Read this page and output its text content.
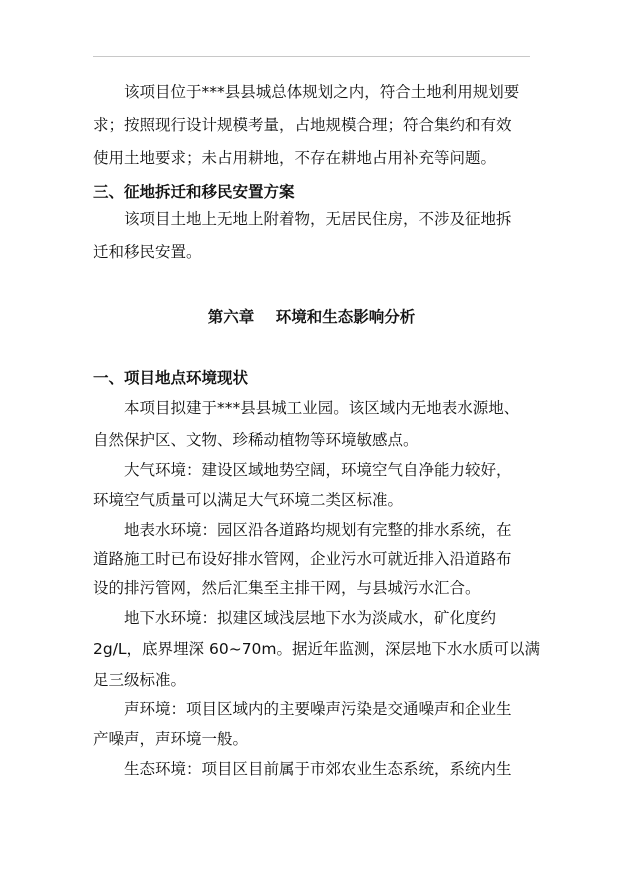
该项目位于***县县城总体规划之内，符合土地利用规划要
求；按照现行设计规模考量，占地规模合理；符合集约和有效
使用土地要求；未占用耕地，不存在耕地占用补充等问题。
三、征地拆迁和移民安置方案
该项目土地上无地上附着物，无居民住房，不涉及征地拆
迁和移民安置。
第六章    环境和生态影响分析
一、项目地点环境现状
本项目拟建于***县县城工业园。该区域内无地表水源地、
自然保护区、文物、珍稀动植物等环境敏感点。
大气环境：建设区域地势空阔，环境空气自净能力较好，
环境空气质量可以满足大气环境二类区标准。
地表水环境：园区沿各道路均规划有完整的排水系统，在
道路施工时已布设好排水管网，企业污水可就近排入沿道路布
设的排污管网，然后汇集至主排干网，与县城污水汇合。
地下水环境：拟建区域浅层地下水为淡咸水，矿化度约
2g/L，底界埋深 60~70m。据近年监测，深层地下水水质可以满
足三级标准。
声环境：项目区域内的主要噪声污染是交通噪声和企业生
产噪声，声环境一般。
生态环境：项目区目前属于市郊农业生态系统，系统内生
